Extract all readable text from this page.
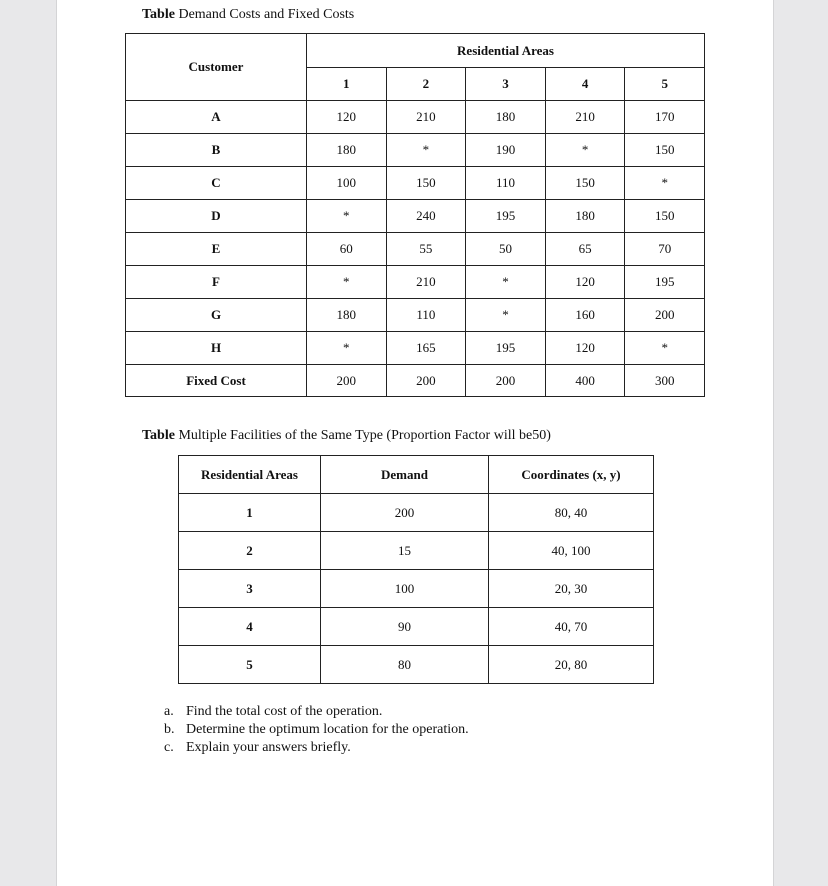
Table Demand Costs and Fixed Costs
Customer	Residential Areas				
	1	2	3	4	5
A	120	210	180	210	170
B	180	*	190	*	150
C	100	150	110	150	*
D	*	240	195	180	150
E	60	55	50	65	70
F	*	210	*	120	195
G	180	110	*	160	200
H	*	165	195	120	*
Fixed Cost	200	200	200	400	300
Table Multiple Facilities of the Same Type (Proportion Factor will be50)
Residential Areas	Demand	Coordinates (x, y)
1	200	80, 40
2	15	40, 100
3	100	20, 30
4	90	40, 70
5	80	20, 80
a. Find the total cost of the operation.
b. Determine the optimum location for the operation.
c. Explain your answers briefly.
